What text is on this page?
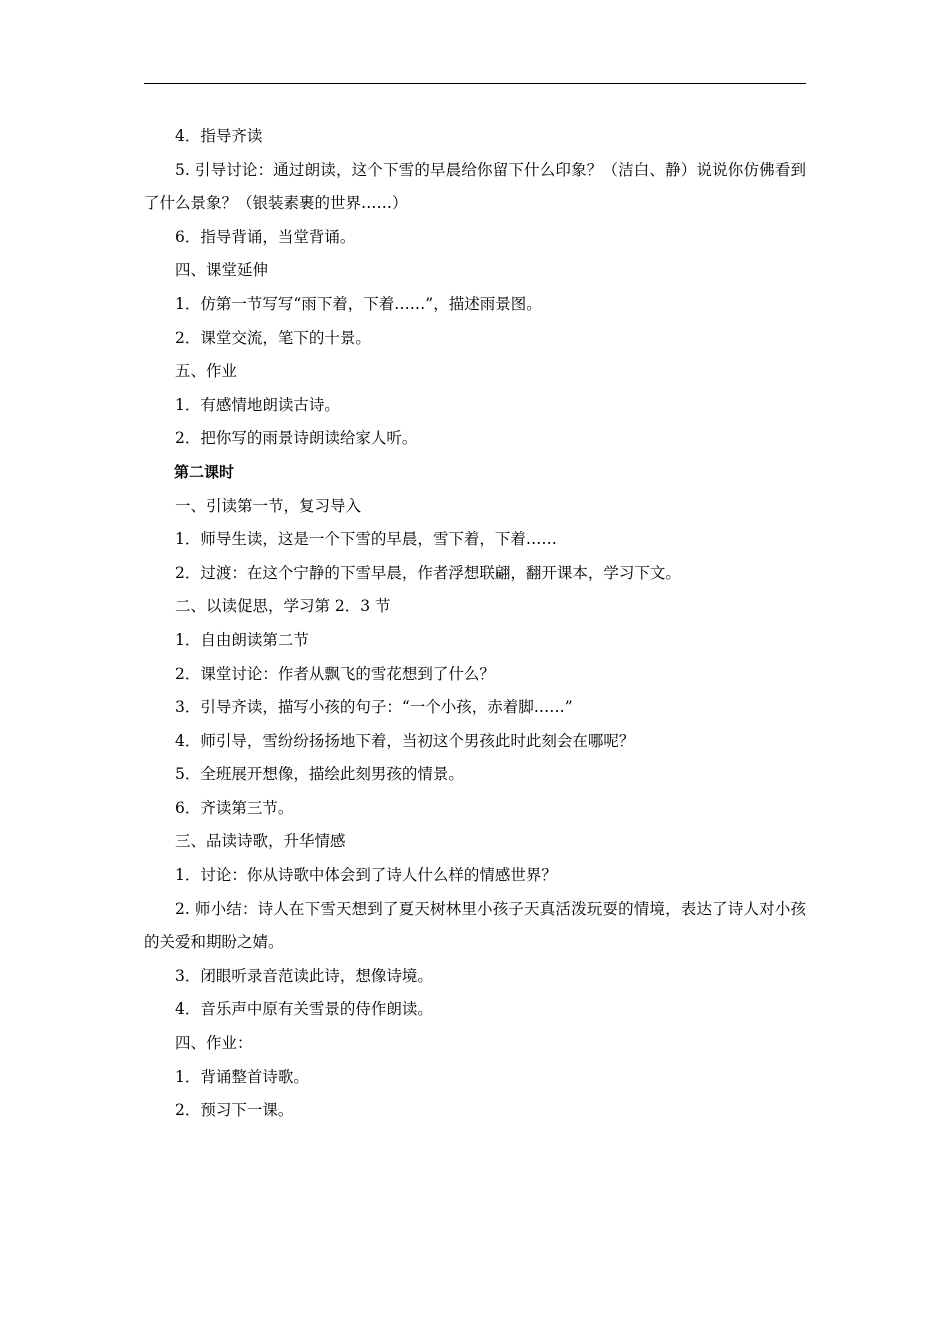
4．指导齐读

5. 引导讨论：通过朗读，这个下雪的早晨给你留下什么印象？（洁白、静）说说你仿佛看到了什么景象？（银装素裹的世界……）

6．指导背诵，当堂背诵。

四、课堂延伸

1．仿第一节写写“雨下着，下着……”，描述雨景图。

2．课堂交流，笔下的十景。

五、作业

1．有感情地朗读古诗。

2．把你写的雨景诗朗读给家人听。

第二课时

一、引读第一节，复习导入

1．师导生读，这是一个下雪的早晨，雪下着，下着……

2．过渡：在这个宁静的下雪早晨，作者浮想联翩，翻开课本，学习下文。

二、以读促思，学习第 2．3 节

1．自由朗读第二节

2．课堂讨论：作者从飘飞的雪花想到了什么？

3．引导齐读，描写小孩的句子：“一个小孩，赤着脚……”

4．师引导，雪纷纷扬扬地下着，当初这个男孩此时此刻会在哪呢？

5．全班展开想像，描绘此刻男孩的情景。

6．齐读第三节。

三、品读诗歌，升华情感

1．讨论：你从诗歌中体会到了诗人什么样的情感世界？

2. 师小结：诗人在下雪天想到了夏天树林里小孩子天真活泼玩耍的情境，表达了诗人对小孩的关爱和期盼之婧。

3．闭眼听录音范读此诗，想像诗境。

4．音乐声中原有关雪景的侍作朗读。

四、作业：

1．背诵整首诗歌。

2．预习下一课。
